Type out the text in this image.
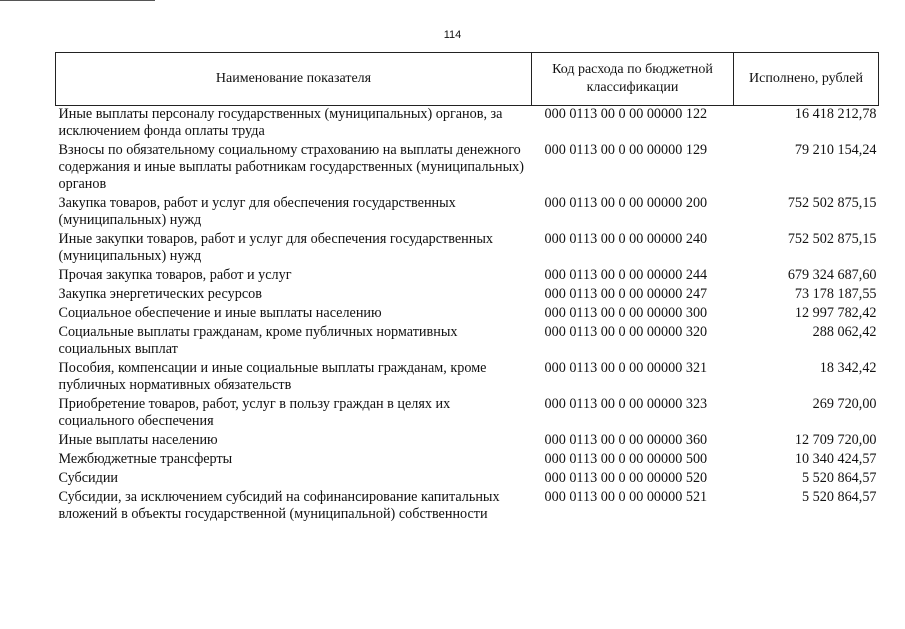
114
Наименование показателя	Код расхода по бюджетной классификации	Исполнено, рублей
Иные выплаты персоналу государственных (муниципальных) органов, за исключением фонда оплаты труда	000 0113 00 0 00 00000 122	16 418 212,78
Взносы по обязательному социальному страхованию на выплаты денежного содержания и иные выплаты работникам государственных (муниципальных) органов	000 0113 00 0 00 00000 129	79 210 154,24
Закупка товаров, работ и услуг для обеспечения государственных (муниципальных) нужд	000 0113 00 0 00 00000 200	752 502 875,15
Иные закупки товаров, работ и услуг для обеспечения государственных (муниципальных) нужд	000 0113 00 0 00 00000 240	752 502 875,15
Прочая закупка товаров, работ и услуг	000 0113 00 0 00 00000 244	679 324 687,60
Закупка энергетических ресурсов	000 0113 00 0 00 00000 247	73 178 187,55
Социальное обеспечение и иные выплаты населению	000 0113 00 0 00 00000 300	12 997 782,42
Социальные выплаты гражданам, кроме публичных нормативных социальных выплат	000 0113 00 0 00 00000 320	288 062,42
Пособия, компенсации и иные социальные выплаты гражданам, кроме публичных нормативных обязательств	000 0113 00 0 00 00000 321	18 342,42
Приобретение товаров, работ, услуг в пользу граждан в целях их социального обеспечения	000 0113 00 0 00 00000 323	269 720,00
Иные выплаты населению	000 0113 00 0 00 00000 360	12 709 720,00
Межбюджетные трансферты	000 0113 00 0 00 00000 500	10 340 424,57
Субсидии	000 0113 00 0 00 00000 520	5 520 864,57
Субсидии, за исключением субсидий на софинансирование капитальных вложений в объекты государственной (муниципальной) собственности	000 0113 00 0 00 00000 521	5 520 864,57
